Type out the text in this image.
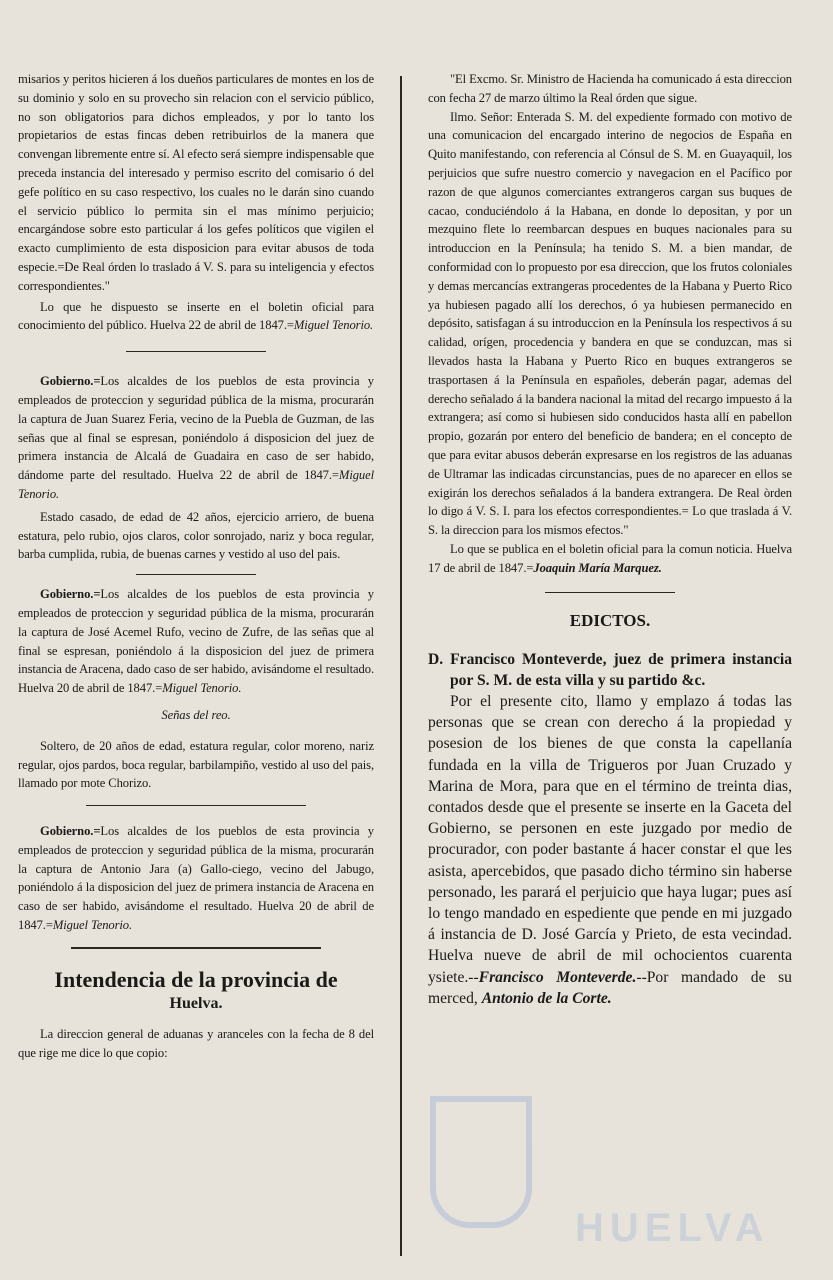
misarios y peritos hicieren á los dueños particulares de montes en los de su dominio y solo en su provecho sin relacion con el servicio público, no son obligatorios para dichos empleados, y por lo tanto los propietarios de estas fincas deben retribuirlos de la manera que convengan libremente entre sí. Al efecto será siempre indispensable que preceda instancia del interesado y permiso escrito del comisario ó del gefe político en su caso respectivo, los cuales no le darán sino cuando el servicio público lo permita sin el mas mínimo perjuicio; encargándose sobre esto particular á los gefes políticos que vigilen el exacto cumplimiento de esta disposicion para evitar abusos de toda especie.=De Real órden lo traslado á V. S. para su inteligencia y efectos correspondientes."

Lo que he dispuesto se inserte en el boletin oficial para conocimiento del público. Huelva 22 de abril de 1847.=Miguel Tenorio.

Gobierno.=Los alcaldes de los pueblos de esta provincia y empleados de proteccion y seguridad pública de la misma, procurarán la captura de Juan Suarez Feria, vecino de la Puebla de Guzman, de las señas que al final se espresan, poniéndolo á disposicion del juez de primera instancia de Alcalá de Guadaira en caso de ser habido, dándome parte del resultado. Huelva 22 de abril de 1847.=Miguel Tenorio.

Estado casado, de edad de 42 años, ejercicio arriero, de buena estatura, pelo rubio, ojos claros, color sonrojado, nariz y boca regular, barba cumplida, rubia, de buenas carnes y vestido al uso del pais.

Gobierno.=Los alcaldes de los pueblos de esta provincia y empleados de proteccion y seguridad pública de la misma, procurarán la captura de José Acemel Rufo, vecino de Zufre, de las señas que al final se espresan, poniéndolo á la disposicion del juez de primera instancia de Aracena, dado caso de ser habido, avisándome el resultado. Huelva 20 de abril de 1847.=Miguel Tenorio.

Señas del reo.

Soltero, de 20 años de edad, estatura regular, color moreno, nariz regular, ojos pardos, boca regular, barbilampiño, vestido al uso del pais, llamado por mote Chorizo.

Gobierno.=Los alcaldes de los pueblos de esta provincia y empleados de proteccion y seguridad pública de la misma, procurarán la captura de Antonio Jara (a) Gallo-ciego, vecino del Jabugo, poniéndolo á la disposicion del juez de primera instancia de Aracena en caso de ser habido, avisándome el resultado. Huelva 20 de abril de 1847.=Miguel Tenorio.

Intendencia de la provincia de
Huelva.

La direccion general de aduanas y aranceles con la fecha de 8 del que rige me dice lo que copio:

"El Excmo. Sr. Ministro de Hacienda ha comunicado á esta direccion con fecha 27 de marzo último la Real órden que sigue.

Ilmo. Señor: Enterada S. M. del expediente formado con motivo de una comunicacion del encargado interino de negocios de España en Quito manifestando, con referencia al Cónsul de S. M. en Guayaquil, los perjuicios que sufre nuestro comercio y navegacion en el Pacífico por razon de que algunos comerciantes extrangeros cargan sus buques de cacao, conduciéndolo á la Habana, en donde lo depositan, y por un mezquino flete lo reembarcan despues en buques nacionales para su introduccion en la Península; ha tenido S. M. a bien mandar, de conformidad con lo propuesto por esa direccion, que los frutos coloniales y demas mercancías extrangeras procedentes de la Habana y Puerto Rico ya hubiesen pagado allí los derechos, ó ya hubiesen permanecido en depósito, satisfagan á su introduccion en la Península los respectivos á su calidad, orígen, procedencia y bandera en que se conduzcan, mas si llevados hasta la Habana y Puerto Rico en buques extrangeros se trasportasen á la Península en españoles, deberán pagar, ademas del derecho señalado á la bandera nacional la mitad del recargo impuesto á la extrangera; así como si hubiesen sido conducidos hasta allí en pabellon propio, gozarán por entero del beneficio de bandera; en el concepto de que para evitar abusos deberán expresarse en los registros de las aduanas de Ultramar las indicadas circunstancias, pues de no aparecer en ellos se exigirán los derechos señalados á la bandera extrangera. De Real òrden lo digo á V. S. I. para los efectos correspondientes.= Lo que traslada á V. S. la direccion para los mismos efectos."

Lo que se publica en el boletin oficial para la comun noticia. Huelva 17 de abril de 1847.=Joaquin María Marquez.

EDICTOS.

D. Francisco Monteverde, juez de primera instancia por S. M. de esta villa y su partido &c.

Por el presente cito, llamo y emplazo á todas las personas que se crean con derecho á la propiedad y posesion de los bienes de que consta la capellanía fundada en la villa de Trigueros por Juan Cruzado y Marina de Mora, para que en el término de treinta dias, contados desde que el presente se inserte en la Gaceta del Gobierno, se personen en este juzgado por medio de procurador, con poder bastante á hacer constar el que les asista, apercebidos, que pasado dicho término sin haberse personado, les parará el perjuicio que haya lugar; pues así lo tengo mandado en espediente que pende en mi juzgado á instancia de D. José García y Prieto, de esta vecindad. Huelva nueve de abril de mil ochocientos cuarenta ysiete.--Francisco Monteverde.--Por mandado de su merced, Antonio de la Corte.

HUELVA
